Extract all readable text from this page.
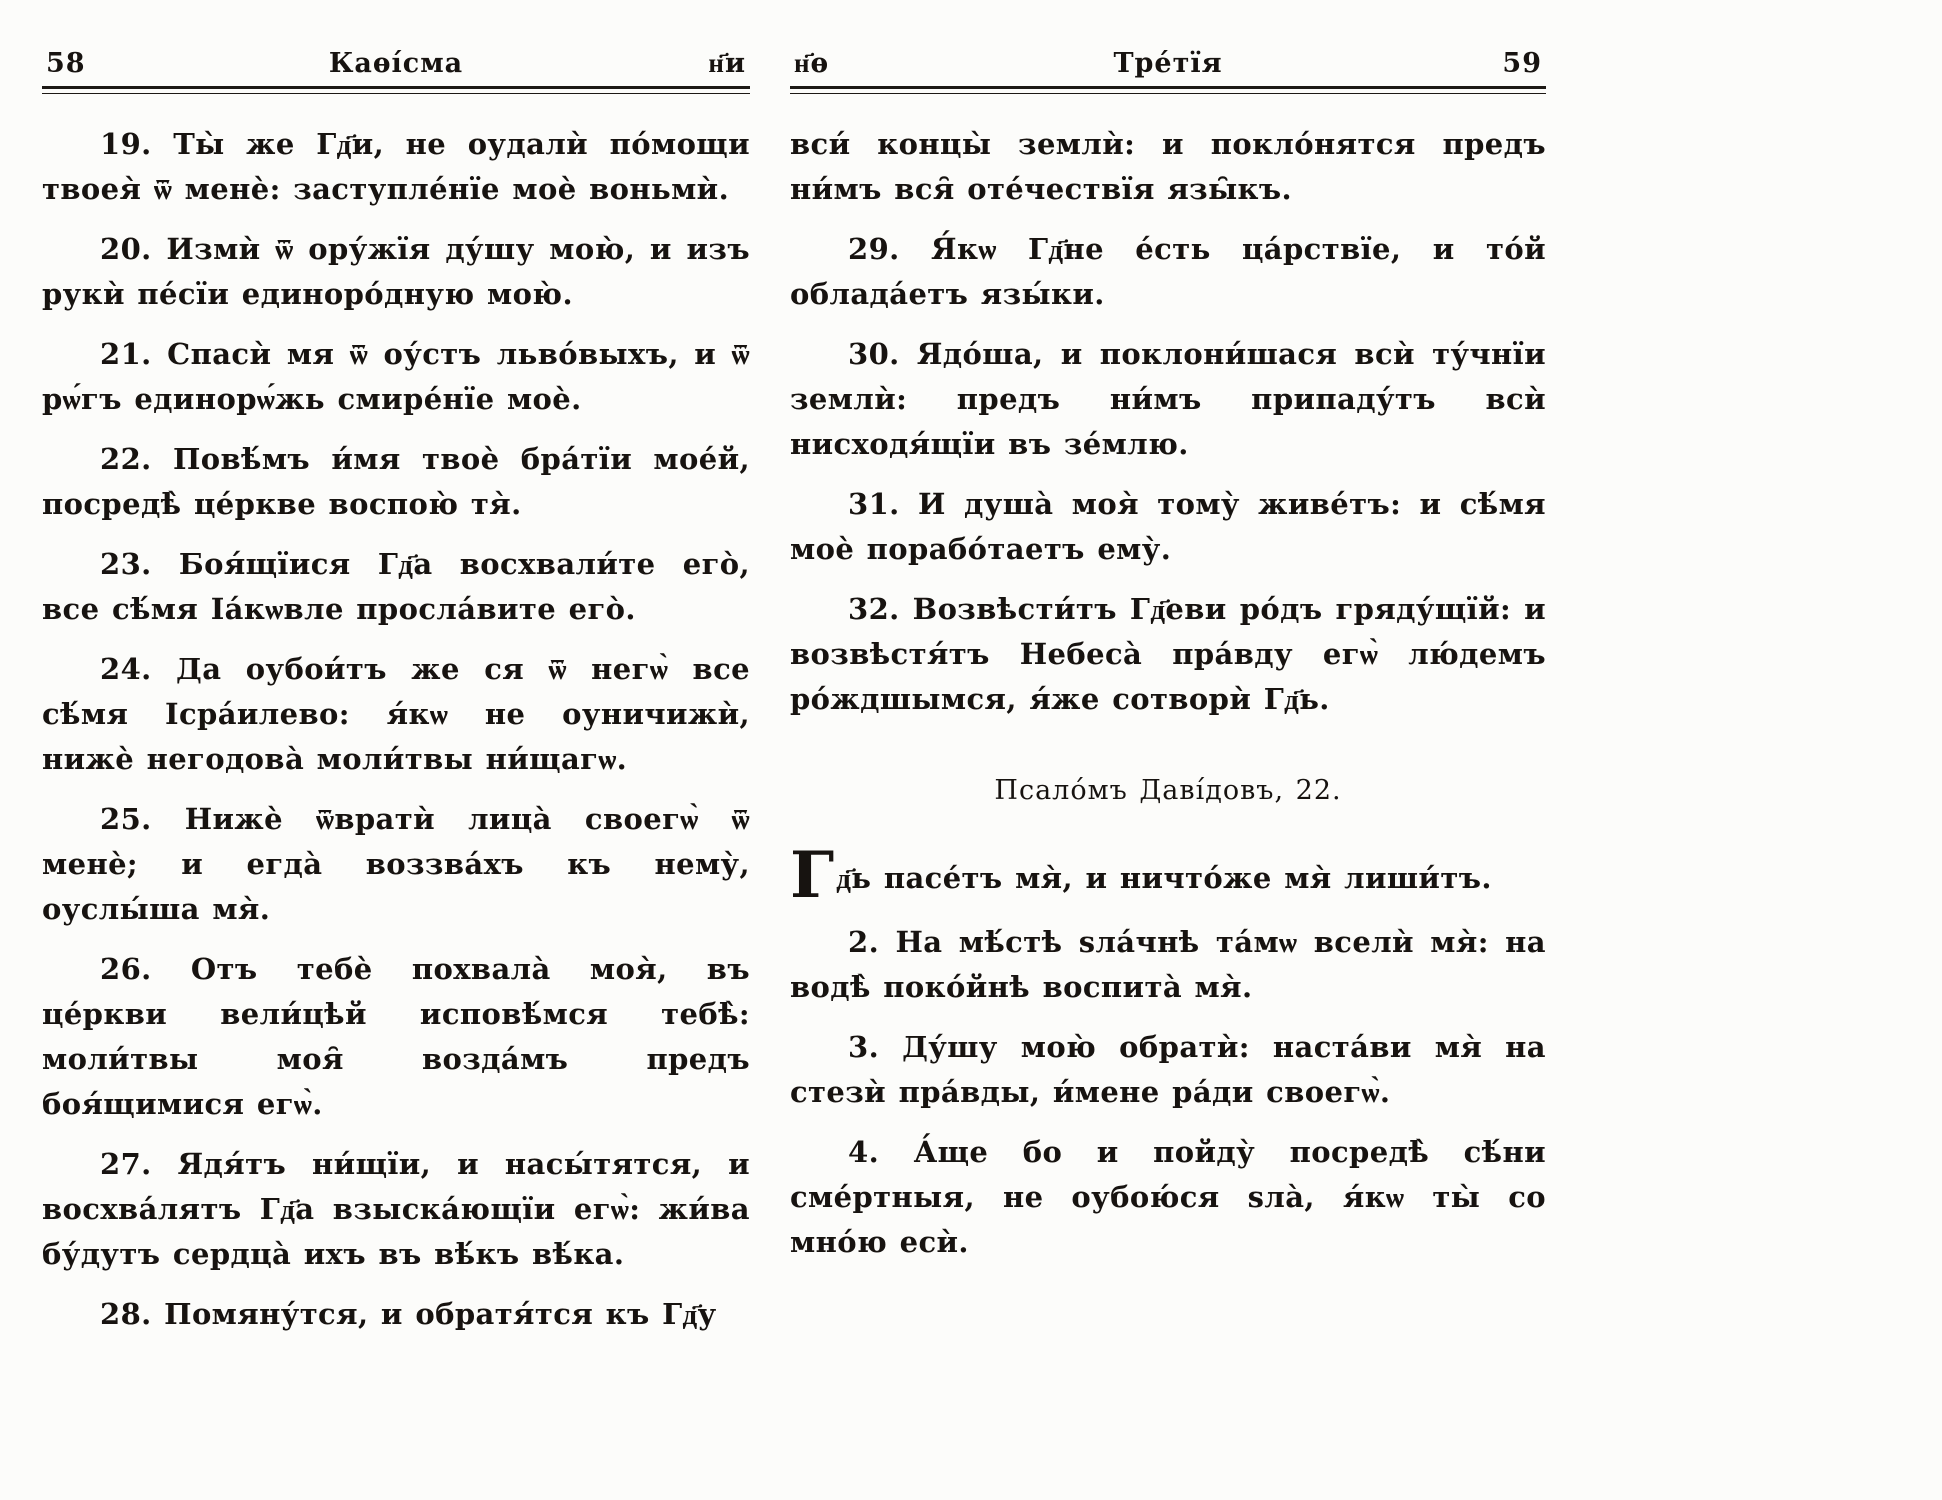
58	Каѳі́сма	н҃и

19. Ты̀ же Гд҃и, не оудалѝ по́мощи твоея̀ ѿ менѐ: заступле́нїе моѐ воньмѝ.

20. Измѝ ѿ ору́жїя ду́шу мою̀, и изъ рукѝ пе́сїи единоро́дную мою̀.

21. Спасѝ мя ѿ оу́стъ льво́выхъ, и ѿ рѡ́гъ единорѡ́жь смире́нїе моѐ.

22. Повѣ́мъ и́мя твоѐ бра́тїи мое́й, посредѣ̀ це́ркве воспою̀ тя̀.

23. Боя́щїися Гд҃а восхвали́те его̀, все сѣ́мя Іа́кѡвле просла́вите его̀.

24. Да оубои́тъ же ся ѿ негѡ̀ все сѣ́мя Ісра́илево: я́кѡ не оуничижѝ, нижѐ негодова̀ моли́твы ни́щагѡ.

25. Нижѐ ѿвратѝ лица̀ своегѡ̀ ѿ менѐ; и егда̀ воззва́хъ къ нему̀, оуслы́ша мя̀.

26. Отъ тебѐ похвала̀ моя̀, въ це́ркви вели́цѣй исповѣ́мся тебѣ̀: моли́твы моя̑ возда́мъ предъ боя́щимися егѡ̀.

27. Ядя́тъ ни́щїи, и насы́тятся, и восхва́лятъ Гд҃а взыска́ющїи егѡ̀: жи́ва бу́дутъ сердца̀ ихъ въ вѣ́къ вѣ́ка.

28. Помяну́тся, и обратя́тся къ Гд҃у

н҃ѳ	Тре́тїя	59

вси́ концы̀ землѝ: и покло́нятся предъ ни́мъ вся̑ оте́чествїя язы̑къ.

29. Я́кѡ Гд҃не е́сть ца́рствїе, и то́й облада́етъ язы́ки.

30. Ядо́ша, и поклони́шася всѝ ту́чнїи землѝ: предъ ни́мъ припаду́тъ всѝ нисходя́щїи въ зе́млю.

31. И душа̀ моя̀ тому̀ живе́тъ: и сѣ́мя моѐ порабо́таетъ ему̀.

32. Возвѣсти́тъ Гд҃еви ро́дъ гряду́щїй: и возвѣстя́тъ Небеса̀ пра́вду егѡ̀ лю́демъ ро́ждшымся, я́же сотворѝ Гд҃ь.

Псало́мъ Даві́довъ, 22.

Гд҃ь пасе́тъ мя̀, и ничто́же мя̀ лиши́тъ.

2. На мѣ́стѣ ѕла́чнѣ та́мѡ вселѝ мя̀: на водѣ̀ поко́йнѣ воспита̀ мя̀.

3. Ду́шу мою̀ обратѝ: наста́ви мя̀ на стезѝ пра́вды, и́мене ра́ди своегѡ̀.

4. А́ще бо и пойду̀ посредѣ̀ сѣ́ни сме́ртныя, не оубою́ся ѕла̀, я́кѡ ты̀ со мно́ю есѝ.
